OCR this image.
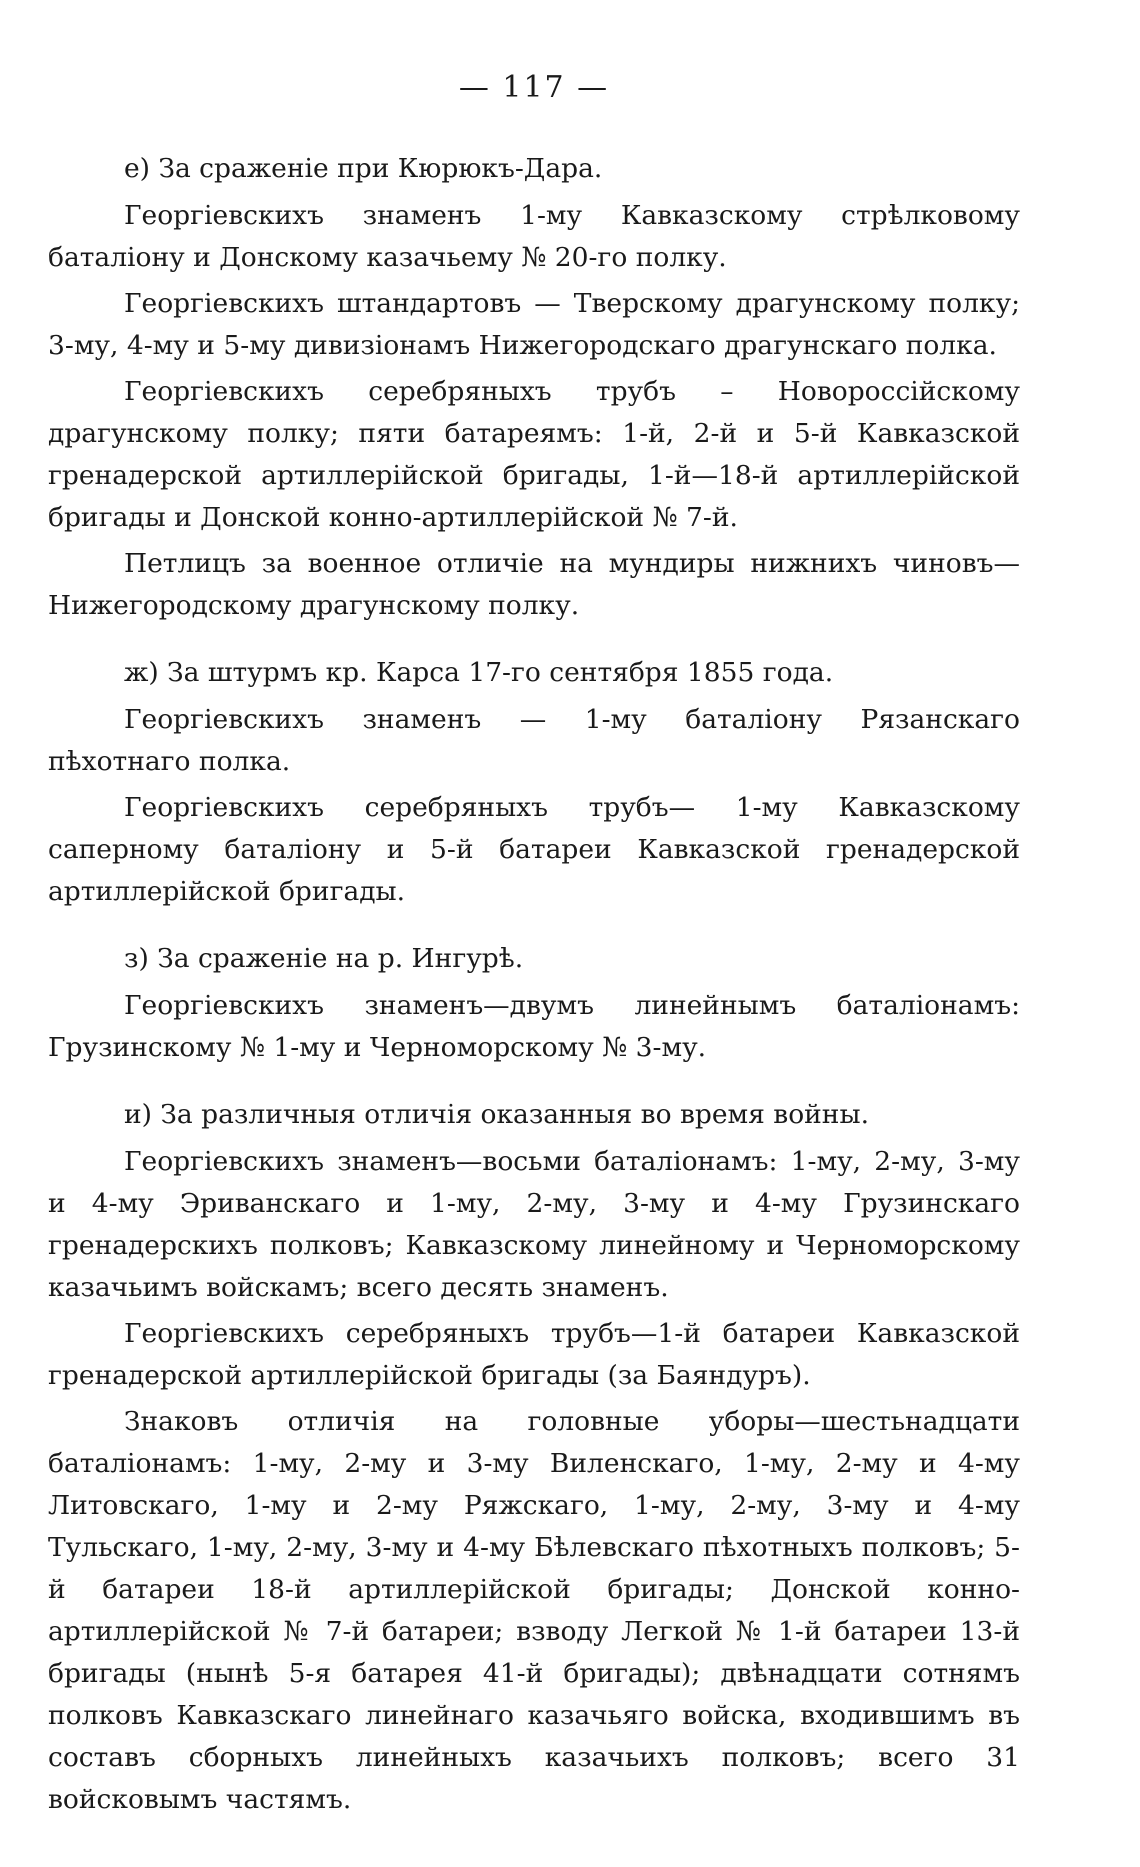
— 117 —
е) За сраженіе при Кюрюкъ-Дара.

Георгіевскихъ знаменъ 1-му Кавказскому стрѣлковому баталіону и Донскому казачьему № 20-го полку.

Георгіевскихъ штандартовъ — Тверскому драгунскому полку; 3-му, 4-му и 5-му дивизіонамъ Нижегородскаго драгунскаго полка.

Георгіевскихъ серебряныхъ трубъ – Новороссійскому драгунскому полку; пяти батареямъ: 1-й, 2-й и 5-й Кавказской гренадерской артиллерійской бригады, 1-й—18-й артиллерійской бригады и Донской конно-артиллерійской № 7-й.

Петлицъ за военное отличіе на мундиры нижнихъ чиновъ— Нижегородскому драгунскому полку.

ж) За штурмъ кр. Карса 17-го сентября 1855 года.

Георгіевскихъ знаменъ — 1-му баталіону Рязанскаго пѣхотнаго полка.

Георгіевскихъ серебряныхъ трубъ— 1-му Кавказскому саперному баталіону и 5-й батареи Кавказской гренадерской артиллерійской бригады.

з) За сраженіе на р. Ингурѣ.

Георгіевскихъ знаменъ—двумъ линейнымъ баталіонамъ: Грузинскому № 1-му и Черноморскому № 3-му.

и) За различныя отличія оказанныя во время войны.

Георгіевскихъ знаменъ—восьми баталіонамъ: 1-му, 2-му, 3-му и 4-му Эриванскаго и 1-му, 2-му, 3-му и 4-му Грузинскаго гренадерскихъ полковъ; Кавказскому линейному и Черноморскому казачьимъ войскамъ; всего десять знаменъ.

Георгіевскихъ серебряныхъ трубъ—1-й батареи Кавказской гренадерской артиллерійской бригады (за Баяндуръ).

Знаковъ отличія на головные уборы—шестьнадцати баталіонамъ: 1-му, 2-му и 3-му Виленскаго, 1-му, 2-му и 4-му Литовскаго, 1-му и 2-му Ряжскаго, 1-му, 2-му, 3-му и 4-му Тульскаго, 1-му, 2-му, 3-му и 4-му Бѣлевскаго пѣхотныхъ полковъ; 5-й батареи 18-й артиллерійской бригады; Донской конно-артиллерійской № 7-й батареи; взводу Легкой № 1-й батареи 13-й бригады (нынѣ 5-я батарея 41-й бригады); двѣнадцати сотнямъ полковъ Кавказскаго линейнаго казачьяго войска, входившимъ въ составъ сборныхъ линейныхъ казачьихъ полковъ; всего 31 войсковымъ частямъ.
